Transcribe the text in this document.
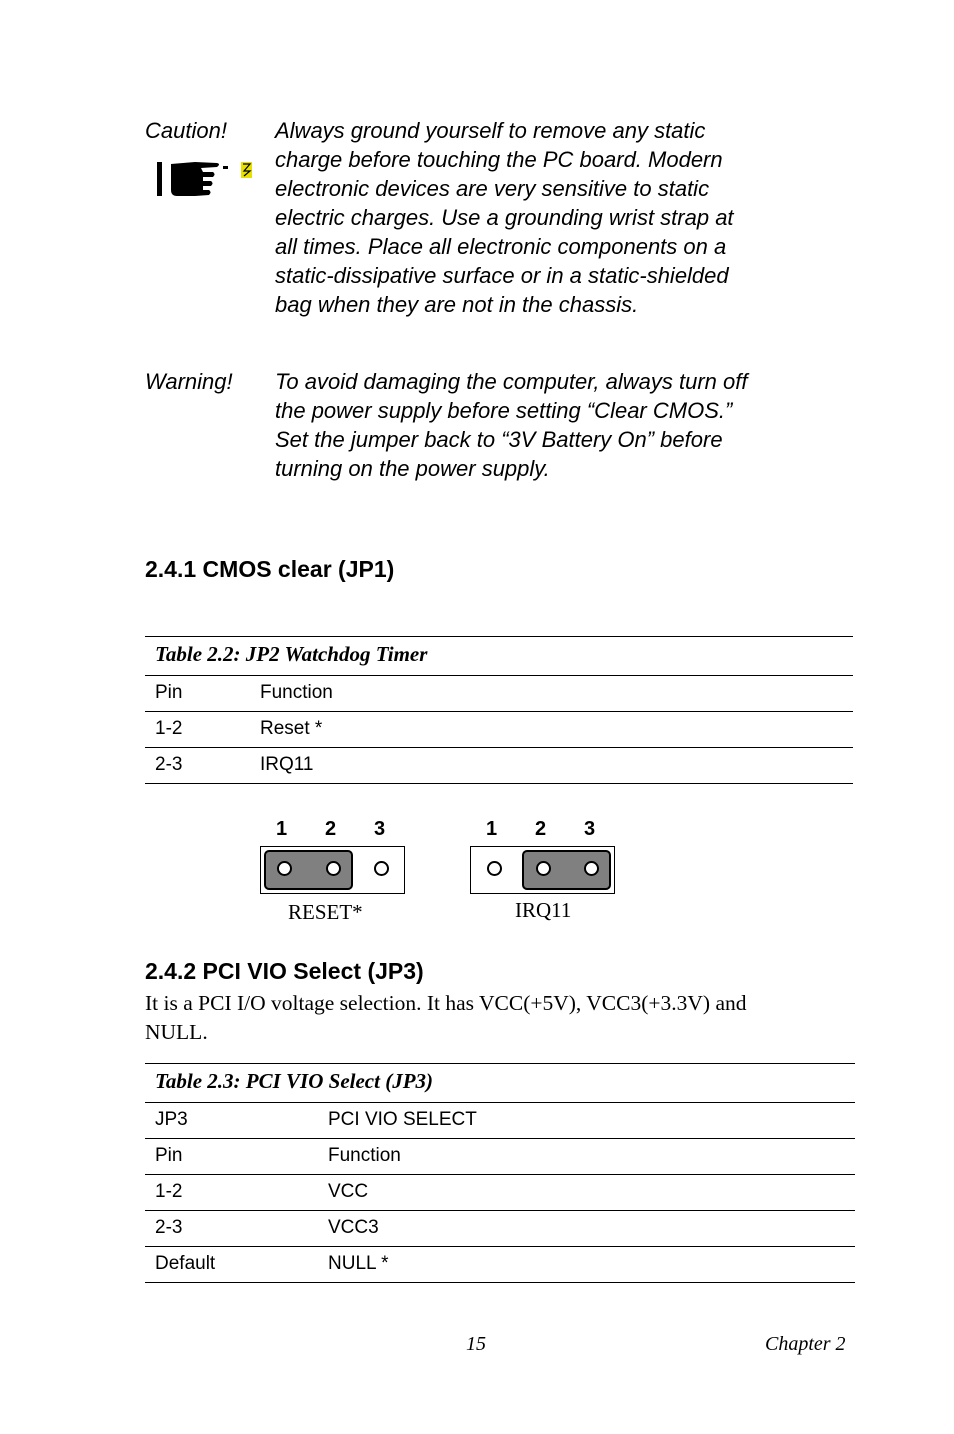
Caution! Always ground yourself to remove any static
charge before touching the PC board. Modern
electronic devices are very sensitive to static
electric charges. Use a grounding wrist strap at
all times. Place all electronic components on a
static-dissipative surface or in a static-shielded
bag when they are not in the chassis.
Warning! To avoid damaging the computer, always turn off
the power supply before setting “Clear CMOS.”
Set the jumper back to “3V Battery On” before
turning on the power supply.
2.4.1 CMOS clear (JP1)
Table 2.2: JP2 Watchdog Timer
Pin	Function
1-2	Reset *
2-3	IRQ11
1 2 3
RESET*
1 2 3
IRQ11
2.4.2 PCI VIO Select (JP3)
It is a PCI I/O voltage selection. It has VCC(+5V), VCC3(+3.3V) and
NULL.
Table 2.3: PCI VIO Select (JP3)
JP3	PCI VIO SELECT
Pin	Function
1-2	VCC
2-3	VCC3
Default	NULL *
15	Chapter 2
